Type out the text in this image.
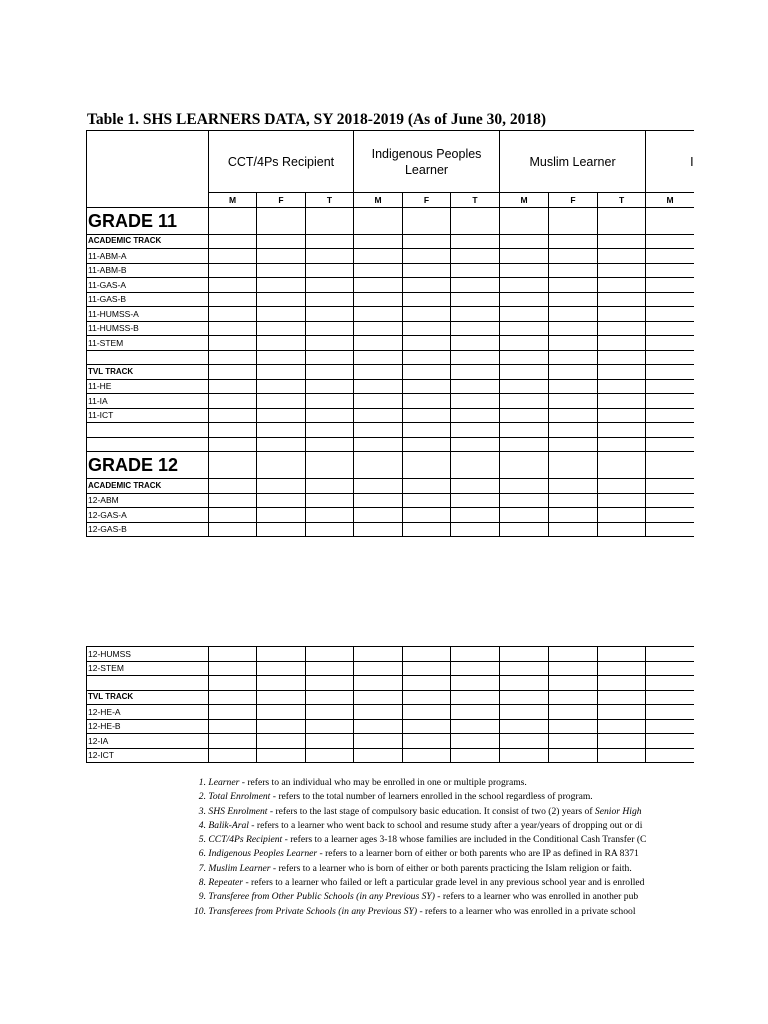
Table 1. SHS LEARNERS DATA, SY 2018-2019 (As of June 30, 2018)
	CCT/4Ps Recipient			Indigenous Peoples Learner			Muslim Learner			I	
	M	F	T	M	F	T	M	F	T	M	
GRADE 11											
ACADEMIC TRACK											
11-ABM-A											
11-ABM-B											
11-GAS-A											
11-GAS-B											
11-HUMSS-A											
11-HUMSS-B											
11-STEM											

TVL TRACK											
11-HE											
11-IA											
11-ICT											

GRADE 12											
ACADEMIC TRACK											
12-ABM											
12-GAS-A											
12-GAS-B											
12-HUMSS											
12-STEM											

TVL TRACK											
12-HE-A											
12-HE-B											
12-IA											
12-ICT											
1. Learner - refers to an individual who may be enrolled in one or multiple programs.
2. Total Enrolment - refers to the total number of learners enrolled in the school regardless of program.
3. SHS Enrolment - refers to the last stage of compulsory basic education. It consist of two (2) years of Senior High
4. Balik-Aral - refers to a learner who went back to school and resume study after a year/years of dropping out or di
5. CCT/4Ps Recipient - refers to a learner ages 3-18 whose families are included in the Conditional Cash Transfer (C
6. Indigenous Peoples Learner - refers to a learner born of either or both parents who are IP as defined in RA 8371
7. Muslim Learner - refers to a learner who is born of either or both parents practicing the Islam religion or faith.
8. Repeater - refers to a learner who failed or left a particular grade level in any previous school year and is enrolled
9. Transferee from Other Public Schools (in any Previous SY) - refers to a learner who was enrolled in another pub
10. Transferees from Private Schools (in any Previous SY) - refers to a learner who was enrolled in a private school
